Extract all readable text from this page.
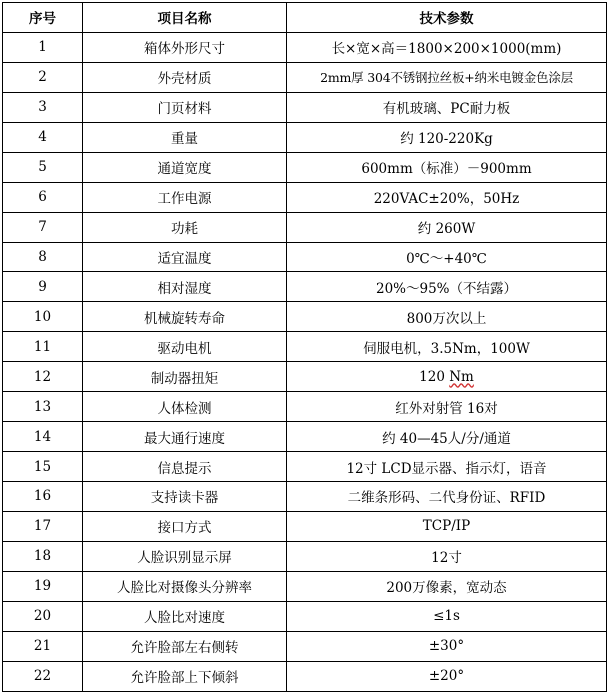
序号	项目名称	技术参数
1	箱体外形尺寸	长×宽×高＝1800×200×1000(mm)
2	外壳材质	2mm厚 304不锈钢拉丝板+纳米电镀金色涂层
3	门页材料	有机玻璃、PC耐力板
4	重量	约 120-220Kg
5	通道宽度	600mm（标准）－900mm
6	工作电源	220VAC±20%，50Hz
7	功耗	约 260W
8	适宜温度	0℃～+40℃
9	相对湿度	20%～95%（不结露）
10	机械旋转寿命	800万次以上
11	驱动电机	伺服电机，3.5Nm，100W
12	制动器扭矩	120 Nm
13	人体检测	红外对射管 16对
14	最大通行速度	约 40—45人/分/通道
15	信息提示	12寸 LCD显示器、指示灯，语音
16	支持读卡器	二维条形码、二代身份证、RFID
17	接口方式	TCP/IP
18	人脸识别显示屏	12寸
19	人脸比对摄像头分辨率	200万像素，宽动态
20	人脸比对速度	≤1s
21	允许脸部左右侧转	±30°
22	允许脸部上下倾斜	±20°
